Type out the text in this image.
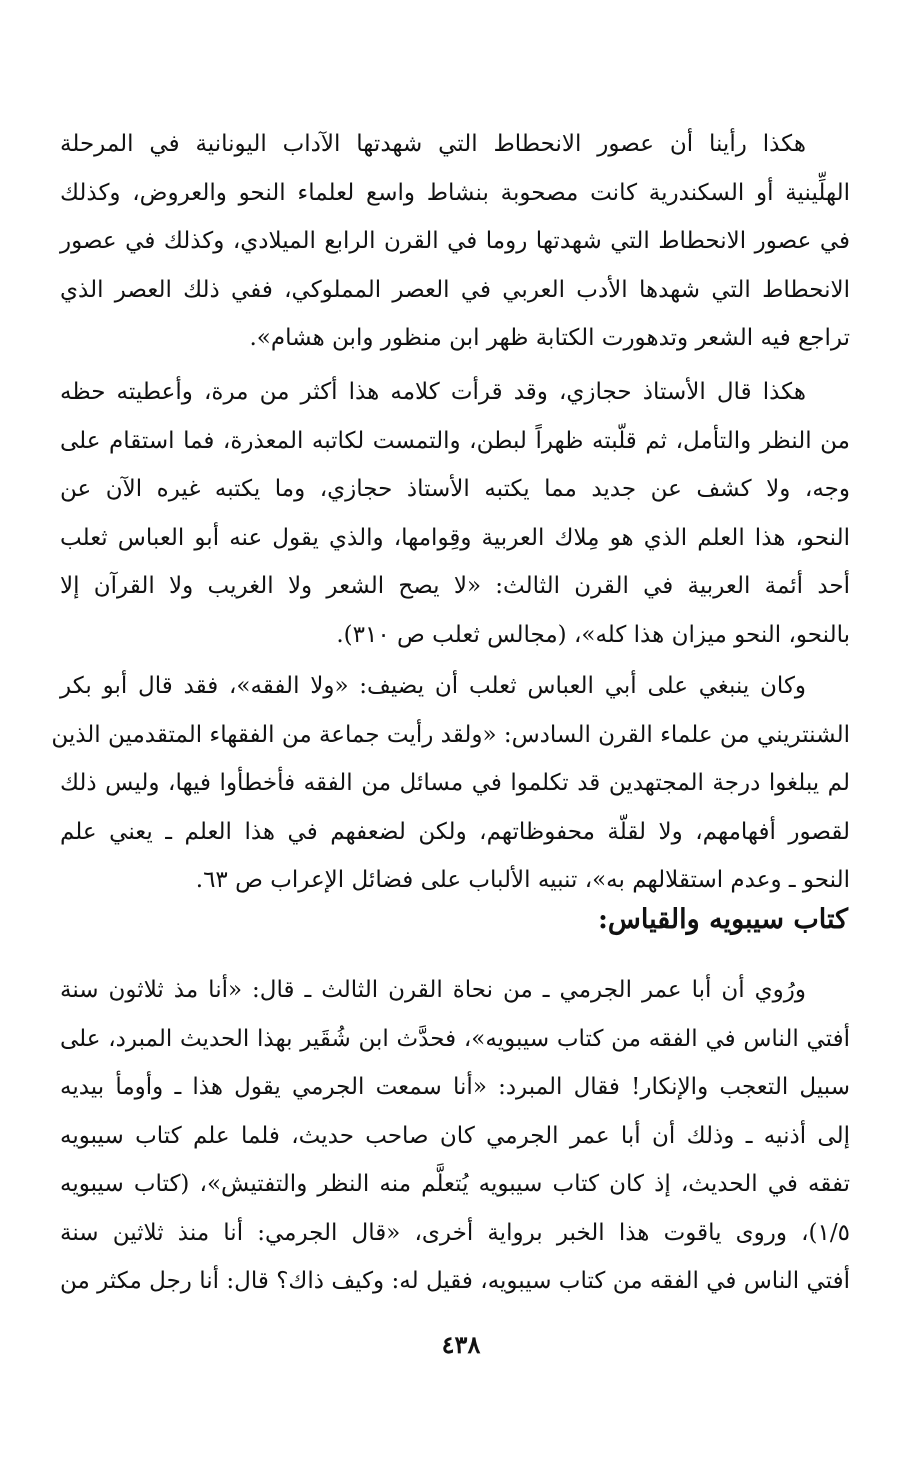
هكذا رأينا أن عصور الانحطاط التي شهدتها الآداب اليونانية في المرحلة
الهلِّينية أو السكندرية كانت مصحوبة بنشاط واسع لعلماء النحو والعروض، وكذلك
في عصور الانحطاط التي شهدتها روما في القرن الرابع الميلادي، وكذلك في عصور
الانحطاط التي شهدها الأدب العربي في العصر المملوكي، ففي ذلك العصر الذي
تراجع فيه الشعر وتدهورت الكتابة ظهر ابن منظور وابن هشام».
هكذا قال الأستاذ حجازي، وقد قرأت كلامه هذا أكثر من مرة، وأعطيته حظه
من النظر والتأمل، ثم قلّبته ظهراً لبطن، والتمست لكاتبه المعذرة، فما استقام على
وجه، ولا كشف عن جديد مما يكتبه الأستاذ حجازي، وما يكتبه غيره الآن عن
النحو، هذا العلم الذي هو مِلاك العربية وقِوامها، والذي يقول عنه أبو العباس ثعلب
أحد أئمة العربية في القرن الثالث: «لا يصح الشعر ولا الغريب ولا القرآن إلا
بالنحو، النحو ميزان هذا كله»، (مجالس ثعلب ص ٣١٠).
وكان ينبغي على أبي العباس ثعلب أن يضيف: «ولا الفقه»، فقد قال أبو بكر
الشنتريني من علماء القرن السادس: «ولقد رأيت جماعة من الفقهاء المتقدمين الذين
لم يبلغوا درجة المجتهدين قد تكلموا في مسائل من الفقه فأخطأوا فيها، وليس ذلك
لقصور أفهامهم، ولا لقلّة محفوظاتهم، ولكن لضعفهم في هذا العلم ـ يعني علم
النحو ـ وعدم استقلالهم به»، تنبيه الألباب على فضائل الإعراب ص ٦٣.
كتاب سيبويه والقياس:
ورُوي أن أبا عمر الجرمي ـ من نحاة القرن الثالث ـ قال: «أنا مذ ثلاثون سنة
أفتي الناس في الفقه من كتاب سيبويه»، فحدَّث ابن شُقَير بهذا الحديث المبرد، على
سبيل التعجب والإنكار! فقال المبرد: «أنا سمعت الجرمي يقول هذا ـ وأومأ بيديه
إلى أذنيه ـ وذلك أن أبا عمر الجرمي كان صاحب حديث، فلما علم كتاب سيبويه
تفقه في الحديث، إذ كان كتاب سيبويه يُتعلَّم منه النظر والتفتيش»، (كتاب سيبويه
١/٥)، وروى ياقوت هذا الخبر برواية أخرى، «قال الجرمي: أنا منذ ثلاثين سنة
أفتي الناس في الفقه من كتاب سيبويه، فقيل له: وكيف ذاك؟ قال: أنا رجل مكثر من
٤٣٨
